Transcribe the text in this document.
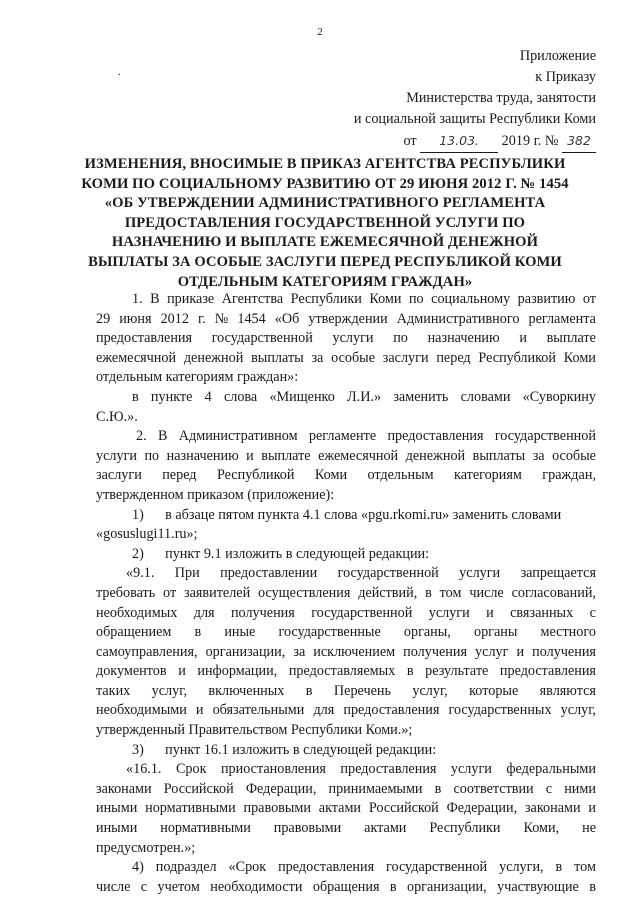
2
.
Приложение
к Приказу
Министерства труда, занятости
и социальной защиты Республики Коми
от 13.03. 2019 г. № 382
ИЗМЕНЕНИЯ, ВНОСИМЫЕ В ПРИКАЗ АГЕНТСТВА РЕСПУБЛИКИ
КОМИ ПО СОЦИАЛЬНОМУ РАЗВИТИЮ ОТ 29 ИЮНЯ 2012 Г. № 1454
«ОБ УТВЕРЖДЕНИИ АДМИНИСТРАТИВНОГО РЕГЛАМЕНТА
ПРЕДОСТАВЛЕНИЯ ГОСУДАРСТВЕННОЙ УСЛУГИ ПО
НАЗНАЧЕНИЮ И ВЫПЛАТЕ ЕЖЕМЕСЯЧНОЙ ДЕНЕЖНОЙ
ВЫПЛАТЫ ЗА ОСОБЫЕ ЗАСЛУГИ ПЕРЕД РЕСПУБЛИКОЙ КОМИ
ОТДЕЛЬНЫМ КАТЕГОРИЯМ ГРАЖДАН»
1. В приказе Агентства Республики Коми по социальному развитию от
29 июня 2012 г. № 1454 «Об утверждении Административного регламента
предоставления государственной услуги по назначению и выплате
ежемесячной денежной выплаты за особые заслуги перед Республикой Коми
отдельным категориям граждан»:
в пункте 4 слова «Мищенко Л.И.» заменить словами «Суворкину
С.Ю.».
2. В Административном регламенте предоставления государственной
услуги по назначению и выплате ежемесячной денежной выплаты за особые
заслуги перед Республикой Коми отдельным категориям граждан,
утвержденном приказом (приложение):
1)      в абзаце пятом пункта 4.1 слова «pgu.rkomi.ru» заменить словами
«gosuslugi11.ru»;
2)      пункт 9.1 изложить в следующей редакции:
«9.1. При предоставлении государственной услуги запрещается
требовать от заявителей осуществления действий, в том числе согласований,
необходимых для получения государственной услуги и связанных с
обращением в иные государственные органы, органы местного
самоуправления, организации, за исключением получения услуг и получения
документов и информации, предоставляемых в результате предоставления
таких услуг, включенных в Перечень услуг, которые являются
необходимыми и обязательными для предоставления государственных услуг,
утвержденный Правительством Республики Коми.»;
3)      пункт 16.1 изложить в следующей редакции:
«16.1. Срок приостановления предоставления услуги федеральными
законами Российской Федерации, принимаемыми в соответствии с ними
иными нормативными правовыми актами Российской Федерации, законами и
иными нормативными правовыми актами Республики Коми, не
предусмотрен.»;
4) подраздел «Срок предоставления государственной услуги, в том
числе с учетом необходимости обращения в организации, участвующие в
